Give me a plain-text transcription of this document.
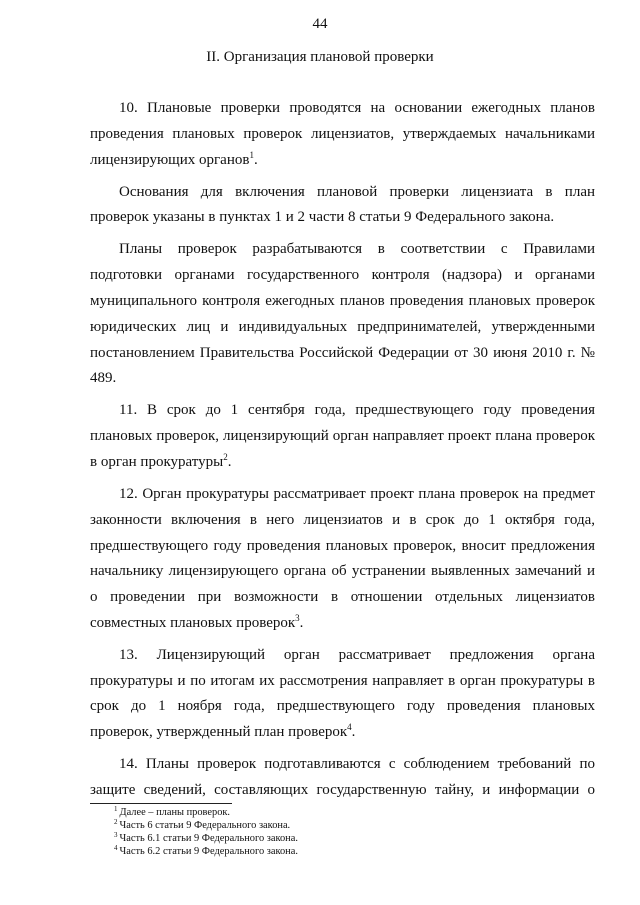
44
II. Организация плановой проверки

10. Плановые проверки проводятся на основании ежегодных планов проведения плановых проверок лицензиатов, утверждаемых начальниками лицензирующих органов$^1$.

Основания для включения плановой проверки лицензиата в план проверок указаны в пунктах 1 и 2 части 8 статьи 9 Федерального закона.

Планы проверок разрабатываются в соответствии с Правилами подготовки органами государственного контроля (надзора) и органами муниципального контроля ежегодных планов проведения плановых проверок юридических лиц и индивидуальных предпринимателей, утвержденными постановлением Правительства Российской Федерации от 30 июня 2010 г. № 489.

11. В срок до 1 сентября года, предшествующего году проведения плановых проверок, лицензирующий орган направляет проект плана проверок в орган прокуратуры$^2$.

12. Орган прокуратуры рассматривает проект плана проверок на предмет законности включения в него лицензиатов и в срок до 1 октября года, предшествующего году проведения плановых проверок, вносит предложения начальнику лицензирующего органа об устранении выявленных замечаний и о проведении при возможности в отношении отдельных лицензиатов совместных плановых проверок$^3$.

13. Лицензирующий орган рассматривает предложения органа прокуратуры и по итогам их рассмотрения направляет в орган прокуратуры в срок до 1 ноября года, предшествующего году проведения плановых проверок, утвержденный план проверок$^4$.

14. Планы проверок подготавливаются с соблюдением требований по защите сведений, составляющих государственную тайну, и информации о

$^1$ Далее – планы проверок.

$^2$ Часть 6 статьи 9 Федерального закона.

$^3$ Часть 6.1 статьи 9 Федерального закона.

$^4$ Часть 6.2 статьи 9 Федерального закона.
